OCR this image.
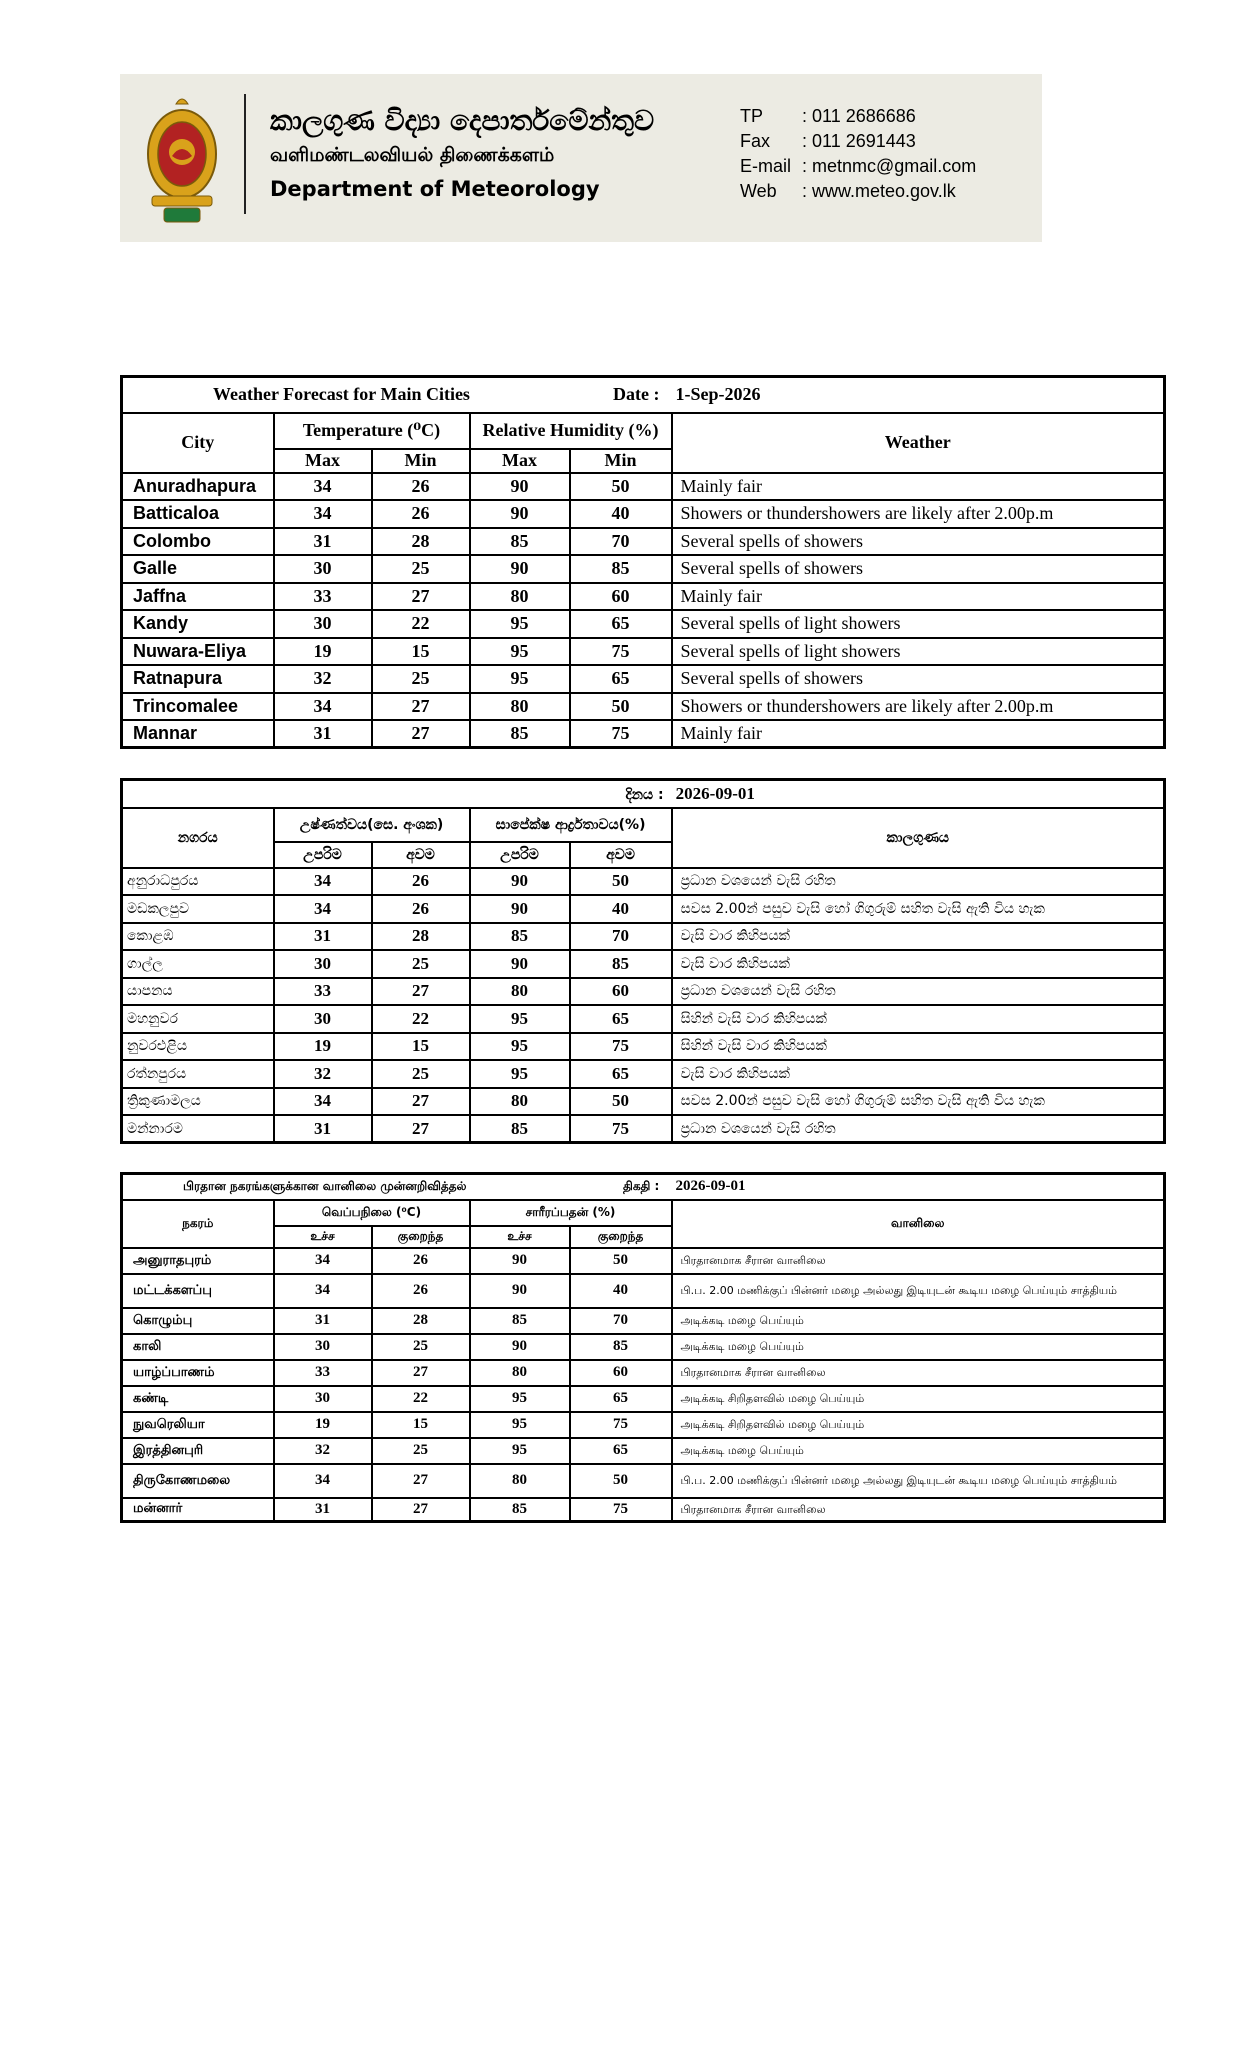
කාලගුණ විද්‍යා දෙපාර්තමේන්තුව
வளிமண்டலவியல் திணைக்களம்
Department of Meteorology
TP : 011 2686686
Fax : 011 2691443
E-mail : metnmc@gmail.com
Web : www.meteo.gov.lk
Weather Forecast for Main Cities Date :					1-Sep-2026
City	Temperature (⁰C)		Relative Humidity (%)		Weather
	Max	Min	Max	Min	
Anuradhapura	34	26	90	50	Mainly fair
Batticaloa	34	26	90	40	Showers or thundershowers are likely after 2.00p.m
Colombo	31	28	85	70	Several spells of showers
Galle	30	25	90	85	Several spells of showers
Jaffna	33	27	80	60	Mainly fair
Kandy	30	22	95	65	Several spells of light showers
Nuwara-Eliya	19	15	95	75	Several spells of light showers
Ratnapura	32	25	95	65	Several spells of showers
Trincomalee	34	27	80	50	Showers or thundershowers are likely after 2.00p.m
Mannar	31	27	85	75	Mainly fair
දිනය :					2026-09-01
නගරය	උෂ්ණත්වය(සෙ. අංශක)		සාපේක්ෂ ආර්ද්‍රතාවය(%)		කාලගුණය
	උපරිම	අවම	උපරිම	අවම	
අනුරාධපුරය	34	26	90	50	ප්‍රධාන වශයෙන් වැසි රහිත
මඩකලපුව	34	26	90	40	සවස 2.00න් පසුව වැසි හෝ ගිගුරුම් සහිත වැසි ඇති විය හැක
කොළඹ	31	28	85	70	වැසි වාර කිහිපයක්
ගාල්ල	30	25	90	85	වැසි වාර කිහිපයක්
යාපනය	33	27	80	60	ප්‍රධාන වශයෙන් වැසි රහිත
මහනුවර	30	22	95	65	සිහින් වැසි වාර කිහිපයක්
නුවරඑළිය	19	15	95	75	සිහින් වැසි වාර කිහිපයක්
රත්නපුරය	32	25	95	65	වැසි වාර කිහිපයක්
ත්‍රිකුණාමලය	34	27	80	50	සවස 2.00න් පසුව වැසි හෝ ගිගුරුම් සහිත වැසි ඇති විය හැක
මන්නාරම	31	27	85	75	ප්‍රධාන වශයෙන් වැසි රහිත
பிரதான நகரங்களுக்கான வானிலை முன்னறிவித்தல் திகதி :					2026-09-01
நகரம்	வெப்பநிலை (⁰C)		சாரீரப்பதன் (%)		வானிலை
	உச்ச	குறைந்த	உச்ச	குறைந்த	
அனுராதபுரம்	34	26	90	50	பிரதானமாக சீரான வானிலை
மட்டக்களப்பு	34	26	90	40	பி.ப. 2.00 மணிக்குப் பின்னர் மழை அல்லது இடியுடன் கூடிய மழை பெய்யும் சாத்தியம்
கொழும்பு	31	28	85	70	அடிக்கடி மழை பெய்யும்
காலி	30	25	90	85	அடிக்கடி மழை பெய்யும்
யாழ்ப்பாணம்	33	27	80	60	பிரதானமாக சீரான வானிலை
கண்டி	30	22	95	65	அடிக்கடி சிறிதளவில் மழை பெய்யும்
நுவரெலியா	19	15	95	75	அடிக்கடி சிறிதளவில் மழை பெய்யும்
இரத்தினபுரி	32	25	95	65	அடிக்கடி மழை பெய்யும்
திருகோணமலை	34	27	80	50	பி.ப. 2.00 மணிக்குப் பின்னர் மழை அல்லது இடியுடன் கூடிய மழை பெய்யும் சாத்தியம்
மன்னார்	31	27	85	75	பிரதானமாக சீரான வானிலை
